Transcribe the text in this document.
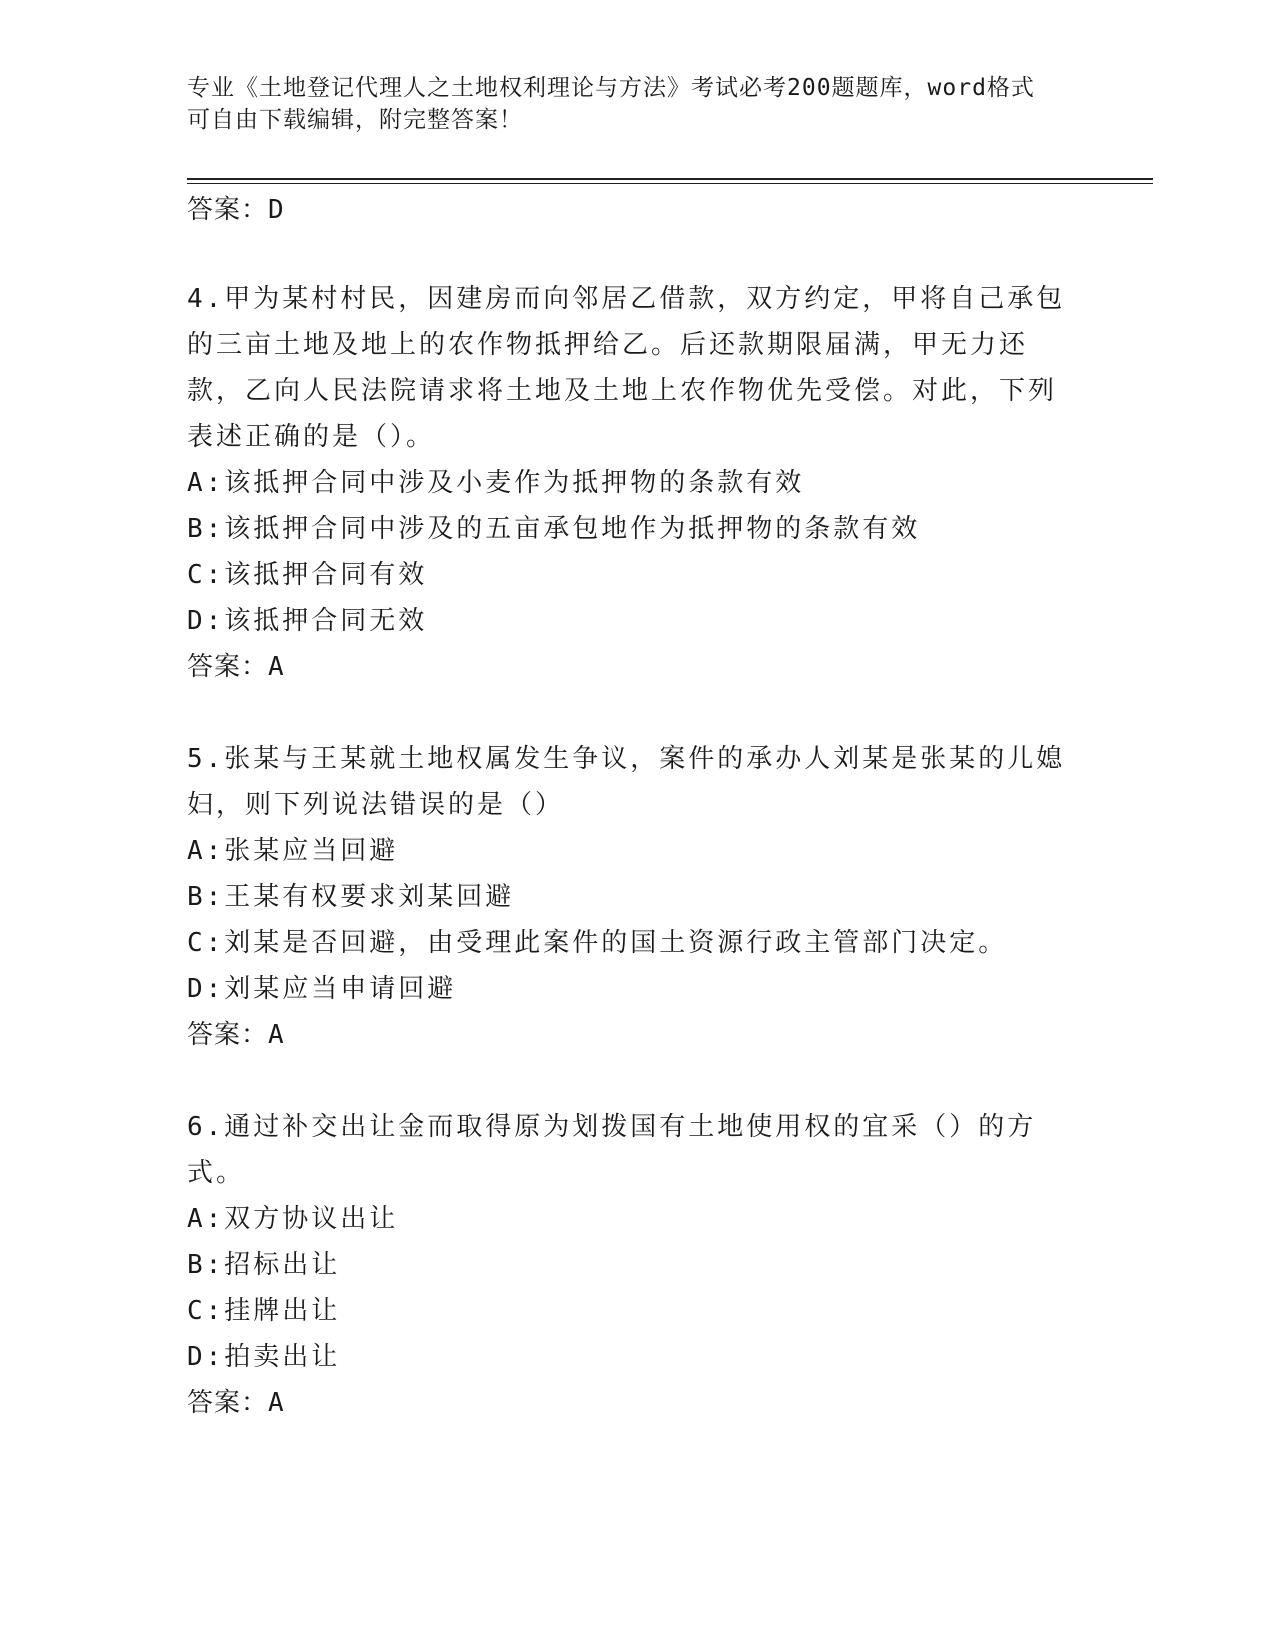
专业《土地登记代理人之土地权利理论与方法》考试必考200题题库，word格式
可自由下载编辑，附完整答案！

答案：D

4.甲为某村村民，因建房而向邻居乙借款，双方约定，甲将自己承包的三亩土地及地上的农作物抵押给乙。后还款期限届满，甲无力还款，乙向人民法院请求将土地及土地上农作物优先受偿。对此，下列表述正确的是（）。

A:该抵押合同中涉及小麦作为抵押物的条款有效

B:该抵押合同中涉及的五亩承包地作为抵押物的条款有效

C:该抵押合同有效

D:该抵押合同无效

答案：A

5.张某与王某就土地权属发生争议，案件的承办人刘某是张某的儿媳妇，则下列说法错误的是（）

A:张某应当回避

B:王某有权要求刘某回避

C:刘某是否回避，由受理此案件的国土资源行政主管部门决定。

D:刘某应当申请回避

答案：A

6.通过补交出让金而取得原为划拨国有土地使用权的宜采（）的方式。

A:双方协议出让

B:招标出让

C:挂牌出让

D:拍卖出让

答案：A
